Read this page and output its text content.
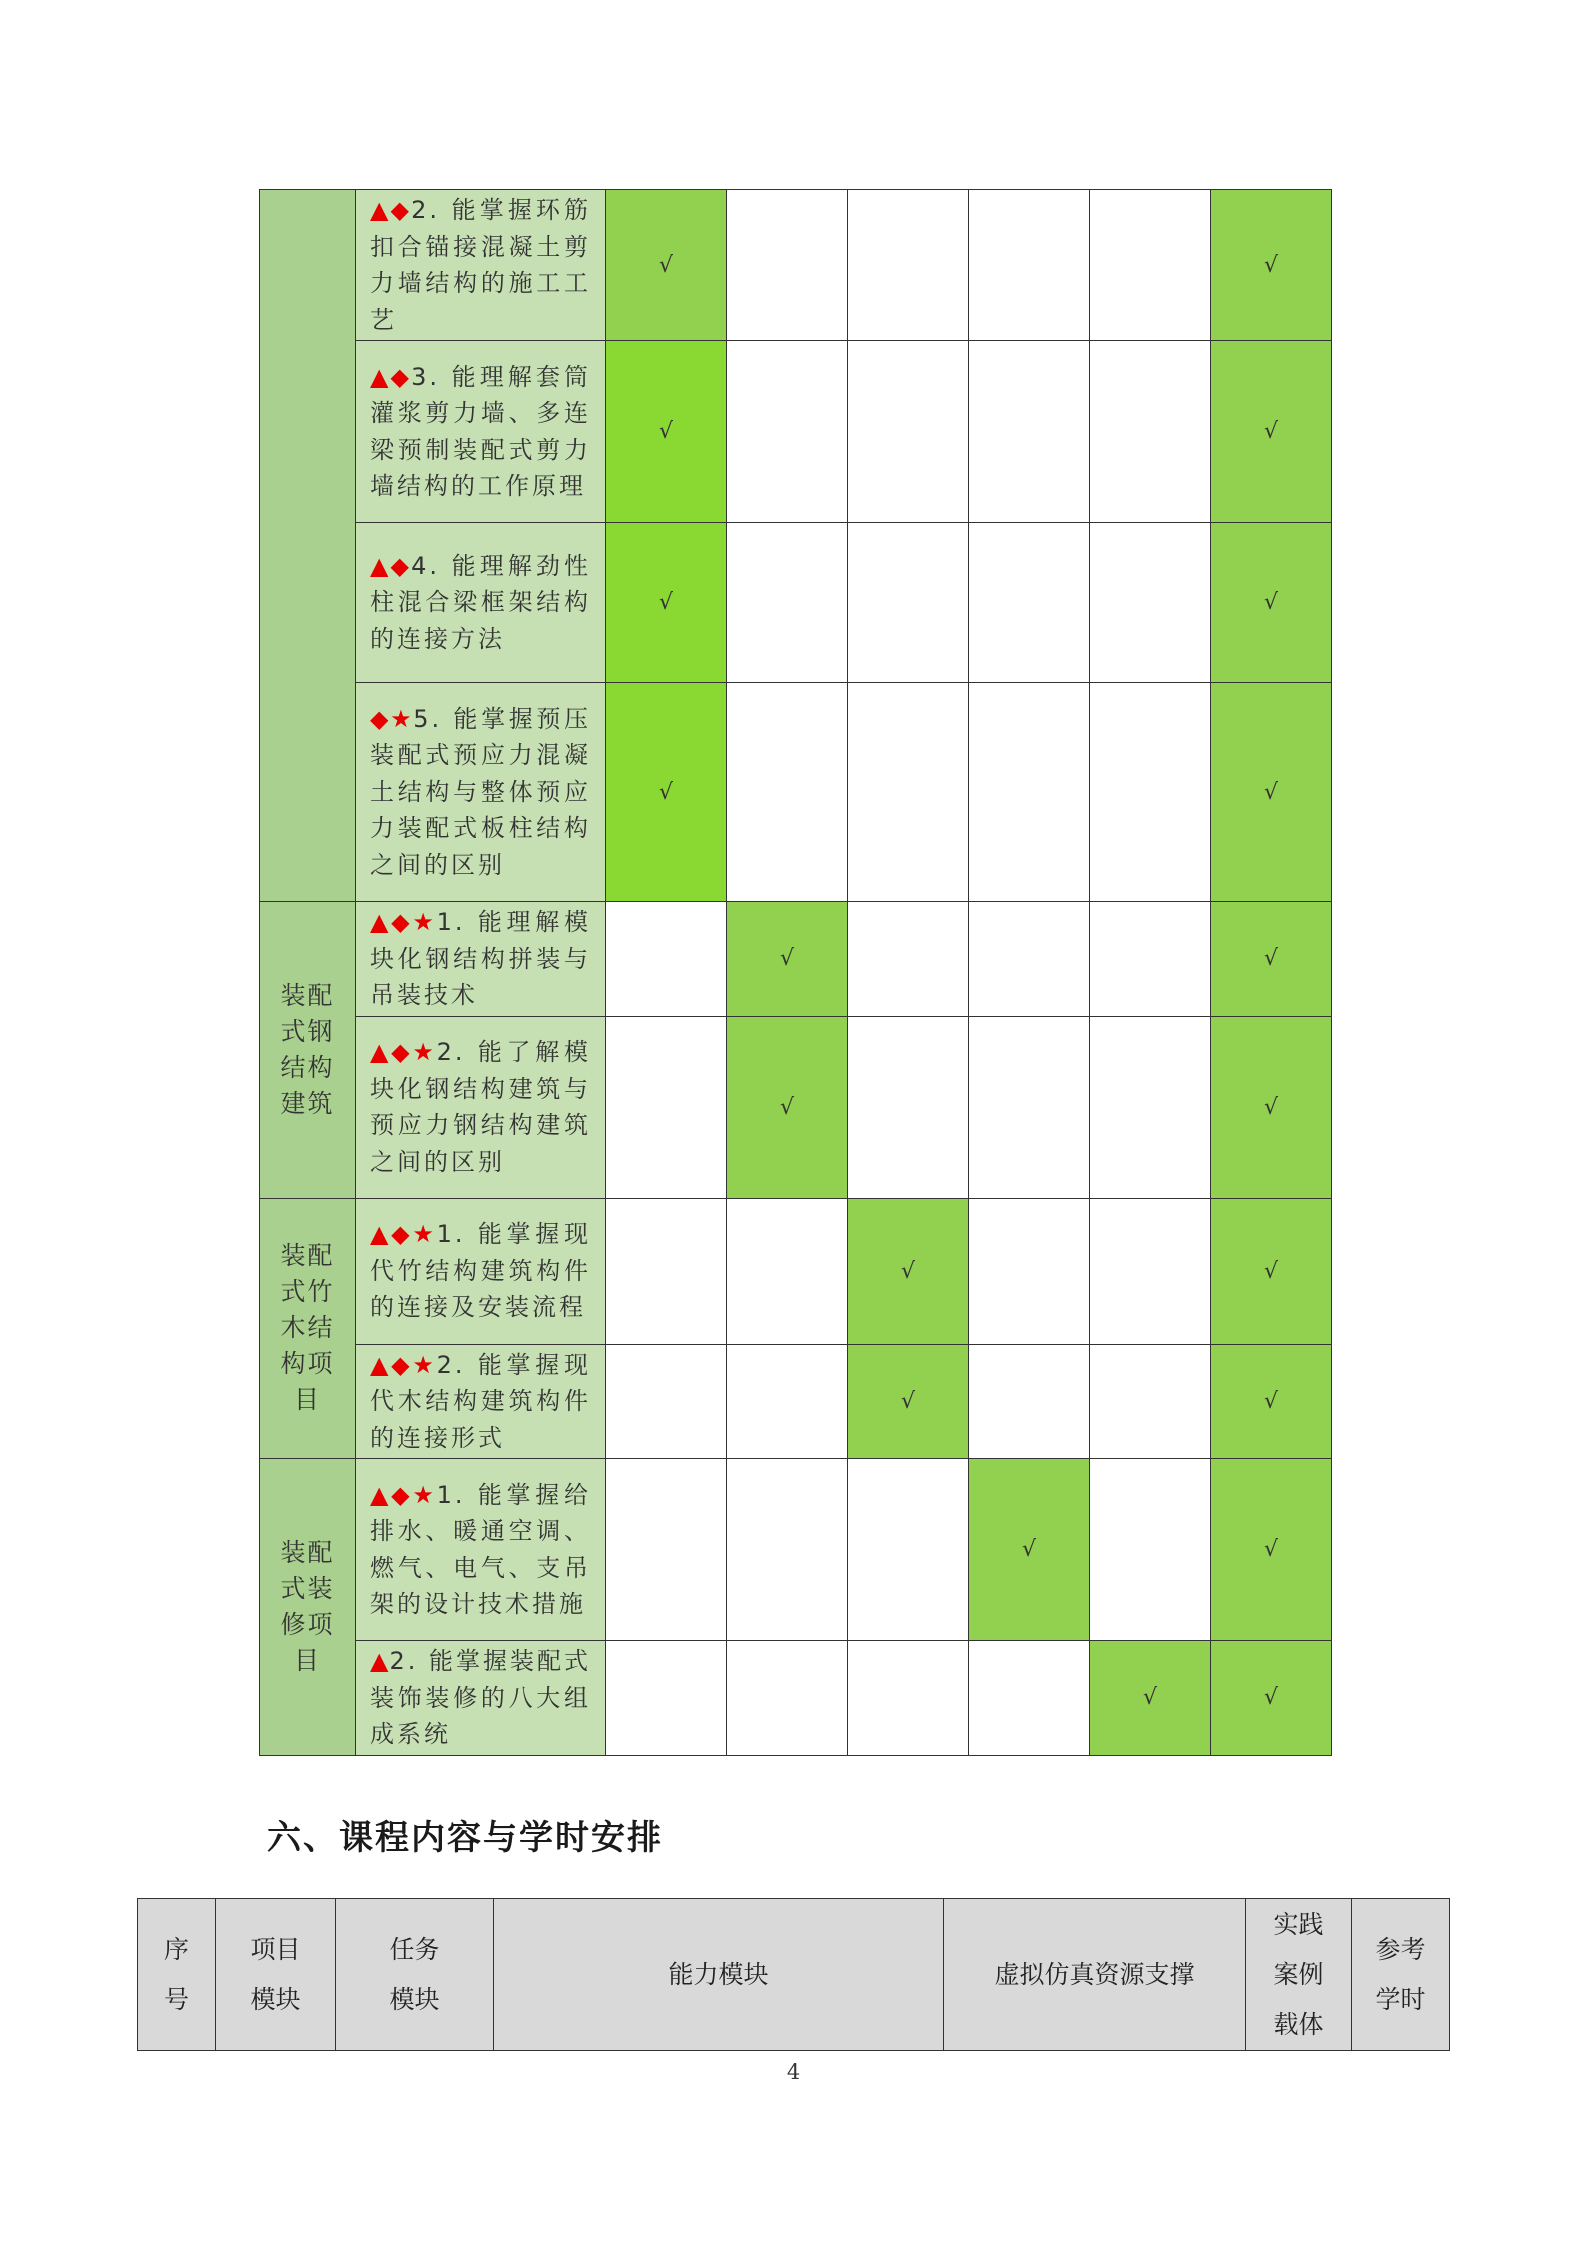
	▲◆2. 能掌握环筋扣合锚接混凝土剪力墙结构的施工工艺	√					√
	▲◆3. 能理解套筒灌浆剪力墙、多连梁预制装配式剪力墙结构的工作原理	√					√
	▲◆4. 能理解劲性柱混合梁框架结构的连接方法	√					√
	◆★5. 能掌握预压装配式预应力混凝土结构与整体预应力装配式板柱结构之间的区别	√					√
装配式钢结构建筑	▲◆★1. 能理解模块化钢结构拼装与吊装技术		√				√
	▲◆★2. 能了解模块化钢结构建筑与预应力钢结构建筑之间的区别		√				√
装配式竹木结构项目	▲◆★1. 能掌握现代竹结构建筑构件的连接及安装流程			√			√
	▲◆★2. 能掌握现代木结构建筑构件的连接形式			√			√
装配式装修项目	▲◆★1. 能掌握给排水、暖通空调、燃气、电气、支吊架的设计技术措施				√		√
	▲2. 能掌握装配式装饰装修的八大组成系统					√	√
六、课程内容与学时安排
序号	项目模块	任务模块	能力模块	虚拟仿真资源支撑	实践案例载体	参考学时
4
